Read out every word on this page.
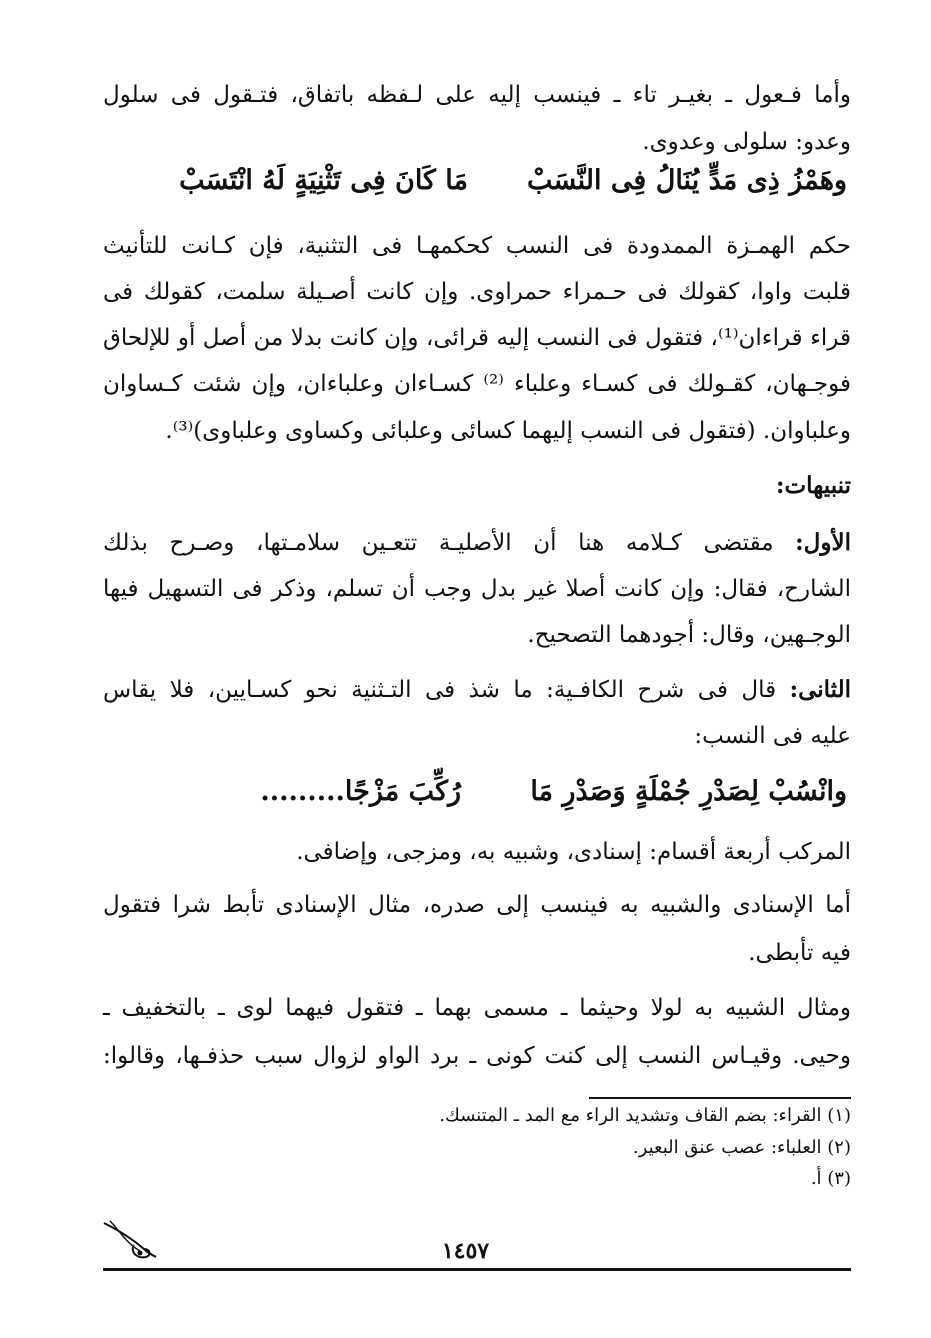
وأما فـعول ـ بغيـر تاء ـ فينسب إليه على لـفظه باتفاق، فتـقول فى سلول
وعدو: سلولى وعدوى.
وهَمْزُ ذِى مَدٍّ يُنَالُ فِى النَّسَبْ
مَا كَانَ فِى تَثْنِيَةٍ لَهُ انْتَسَبْ
حكم الهمـزة الممدودة فى النسب كحكمهـا فى التثنية، فإن كـانت للتأنيث
قلبت واوا، كقولك فى حـمراء حمراوى. وإن كانت أصـيلة سلمت، كقولك فى
قراء قراءان⁽¹⁾، فتقول فى النسب إليه قرائى، وإن كانت بدلا من أصل أو للإلحاق
فوجـهان، كقـولك فى كسـاء وعلباء ⁽²⁾ كسـاءان وعلباءان، وإن شئت كـساوان
وعلباوان. (فتقول فى النسب إليهما كسائى وعلبائى وكساوى وعلباوى)⁽³⁾.
تنبيهات:
الأول: مقتضى كـلامه هنا أن الأصليـة تتعـين سلامـتها، وصـرح بذلك
الشارح، فقال: وإن كانت أصلا غير بدل وجب أن تسلم، وذكر فى التسهيل فيها
الوجـهين، وقال: أجودهما التصحيح.
الثانى: قال فى شرح الكافـية: ما شذ فى التـثنية نحو كسـايين، فلا يقاس
عليه فى النسب:
وانْسُبْ لِصَدْرِ جُمْلَةٍ وَصَدْرِ مَا
رُكِّبَ مَزْجًا.........
المركب أربعة أقسام: إسنادى، وشبيه به، ومزجى، وإضافى.
أما الإسنادى والشبيه به فينسب إلى صدره، مثال الإسنادى تأبط شرا فتقول
فيه تأبطى.
ومثال الشبيه به لولا وحيثما ـ مسمى بهما ـ فتقول فيهما لوى ـ بالتخفيف ـ
وحيى. وقيـاس النسب إلى كنت كونى ـ برد الواو لزوال سبب حذفـها، وقالوا:
(١) القراء: بضم القاف وتشديد الراء مع المد ـ المتنسك.
(٢) العلباء: عصب عنق البعير.
(٣) أ.
١٤٥٧
